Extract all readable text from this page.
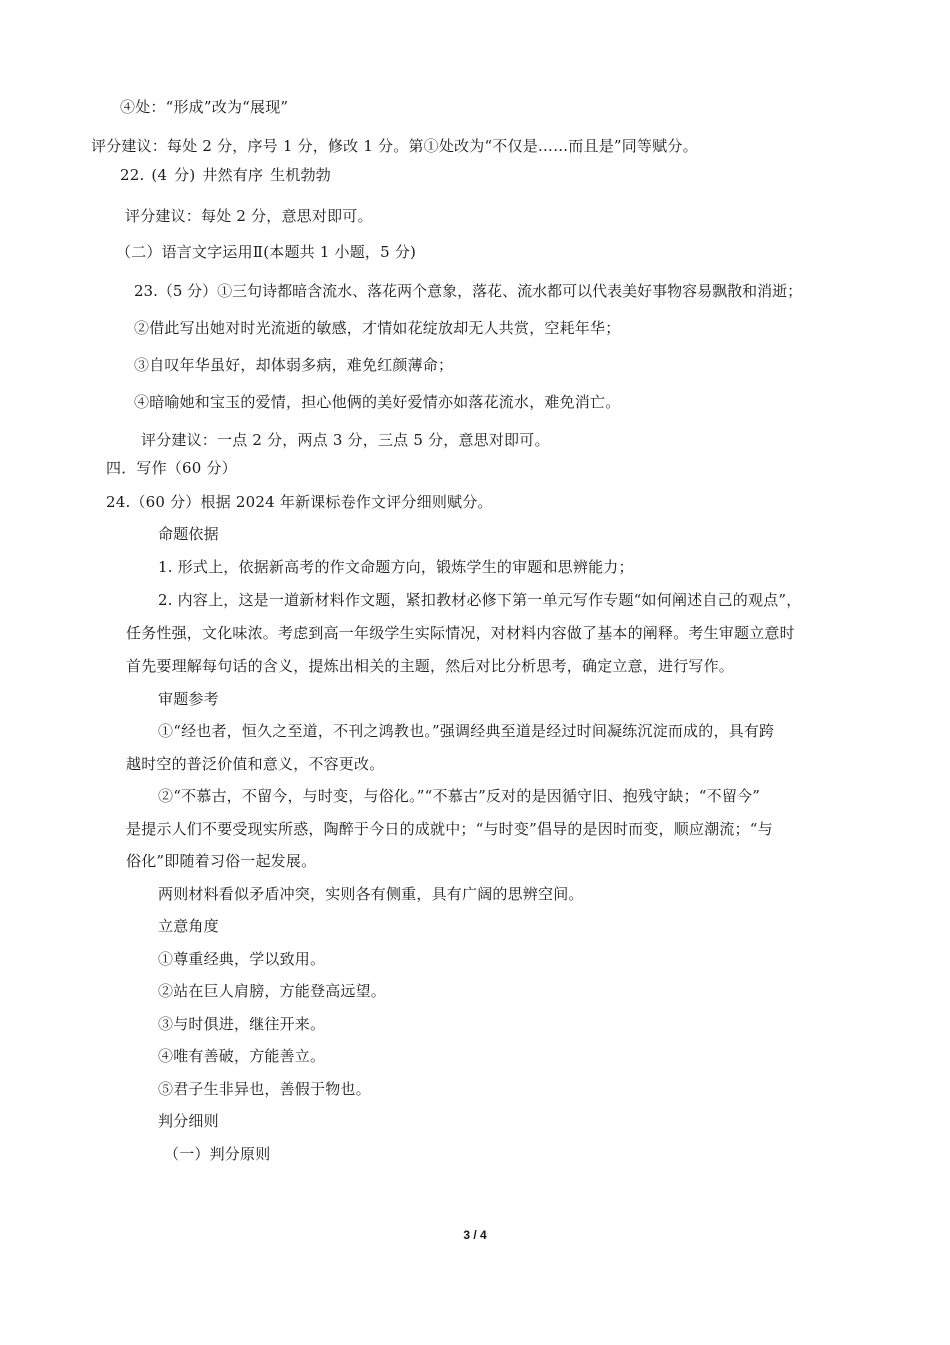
④处：“形成”改为“展现”
评分建议：每处 2 分，序号 1 分，修改 1 分。第①处改为“不仅是……而且是”同等赋分。
22. (4 分) 井然有序 生机勃勃
评分建议：每处 2 分，意思对即可。
（二）语言文字运用Ⅱ(本题共 1 小题，5 分)
23.（5 分）①三句诗都暗含流水、落花两个意象，落花、流水都可以代表美好事物容易飘散和消逝；
②借此写出她对时光流逝的敏感，才情如花绽放却无人共赏，空耗年华；
③自叹年华虽好，却体弱多病，难免红颜薄命；
④暗喻她和宝玉的爱情，担心他俩的美好爱情亦如落花流水，难免消亡。
评分建议：一点 2 分，两点 3 分，三点 5 分，意思对即可。
四．写作（60 分）
24.（60 分）根据 2024 年新课标卷作文评分细则赋分。
命题依据
1. 形式上，依据新高考的作文命题方向，锻炼学生的审题和思辨能力；
2. 内容上，这是一道新材料作文题，紧扣教材必修下第一单元写作专题“如何阐述自己的观点”，
任务性强，文化味浓。考虑到高一年级学生实际情况，对材料内容做了基本的阐释。考生审题立意时
首先要理解每句话的含义，提炼出相关的主题，然后对比分析思考，确定立意，进行写作。
审题参考
①“经也者，恒久之至道，不刊之鸿教也。”强调经典至道是经过时间凝练沉淀而成的，具有跨
越时空的普泛价值和意义，不容更改。
②“不慕古，不留今，与时变，与俗化。”“不慕古”反对的是因循守旧、抱残守缺；“不留今”
是提示人们不要受现实所惑，陶醉于今日的成就中；“与时变”倡导的是因时而变，顺应潮流；“与
俗化”即随着习俗一起发展。
两则材料看似矛盾冲突，实则各有侧重，具有广阔的思辨空间。
立意角度
①尊重经典，学以致用。
②站在巨人肩膀，方能登高远望。
③与时俱进，继往开来。
④唯有善破，方能善立。
⑤君子生非异也，善假于物也。
判分细则
（一）判分原则
3 / 4
